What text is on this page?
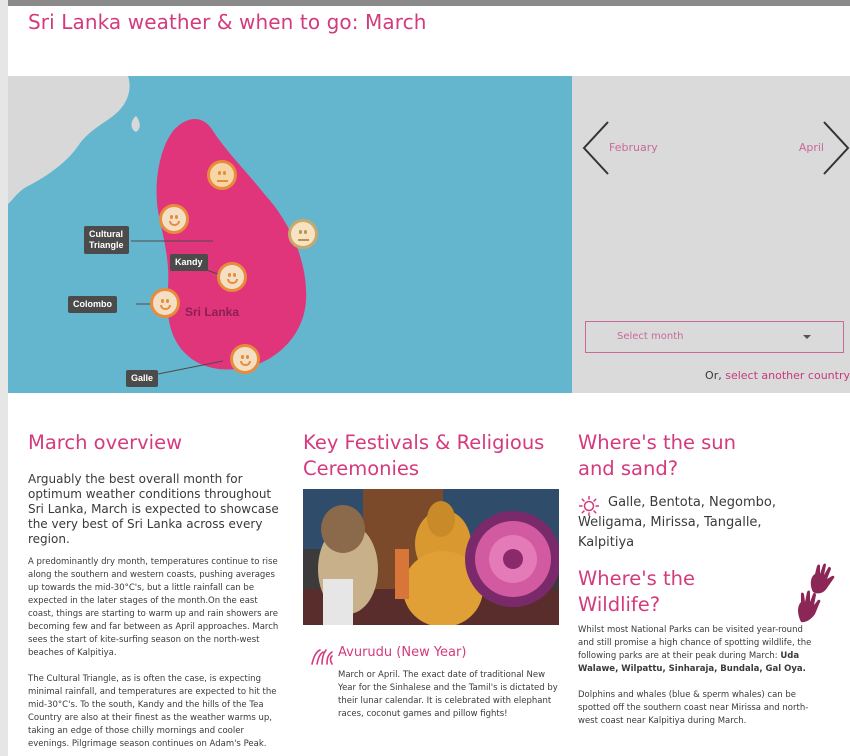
Sri Lanka weather & when to go: March
Cultural
Triangle
Kandy
Colombo
Galle
Sri Lanka
February	April
Select month
Or, select another country
March overview

Arguably the best overall month for optimum weather conditions throughout Sri Lanka, March is expected to showcase the very best of Sri Lanka across every region.

A predominantly dry month, temperatures continue to rise along the southern and western coasts, pushing averages up towards the mid-30°C's, but a little rainfall can be expected in the later stages of the month.On the east coast, things are starting to warm up and rain showers are becoming few and far between as April approaches. March sees the start of kite-surfing season on the north-west beaches of Kalpitiya.

The Cultural Triangle, as is often the case, is expecting minimal rainfall, and temperatures are expected to hit the mid-30°C's. To the south, Kandy and the hills of the Tea Country are also at their finest as the weather warms up, taking an edge of those chilly mornings and cooler evenings. Pilgrimage season continues on Adam's Peak.

Key Festivals & Religious Ceremonies
Avurudu (New Year)

March or April. The exact date of traditional New Year for the Sinhalese and the Tamil's is dictated by their lunar calendar. It is celebrated with elephant races, coconut games and pillow fights!

Where's the sun and sand?
Galle, Bentota, Negombo, Weligama, Mirissa, Tangalle, Kalpitiya
Where's the Wildlife?

Whilst most National Parks can be visited year-round and still promise a high chance of spotting wildlife, the following parks are at their peak during March: Uda Walawe, Wilpattu, Sinharaja, Bundala, Gal Oya.

Dolphins and whales (blue & sperm whales) can be spotted off the southern coast near Mirissa and north-west coast near Kalpitiya during March.
